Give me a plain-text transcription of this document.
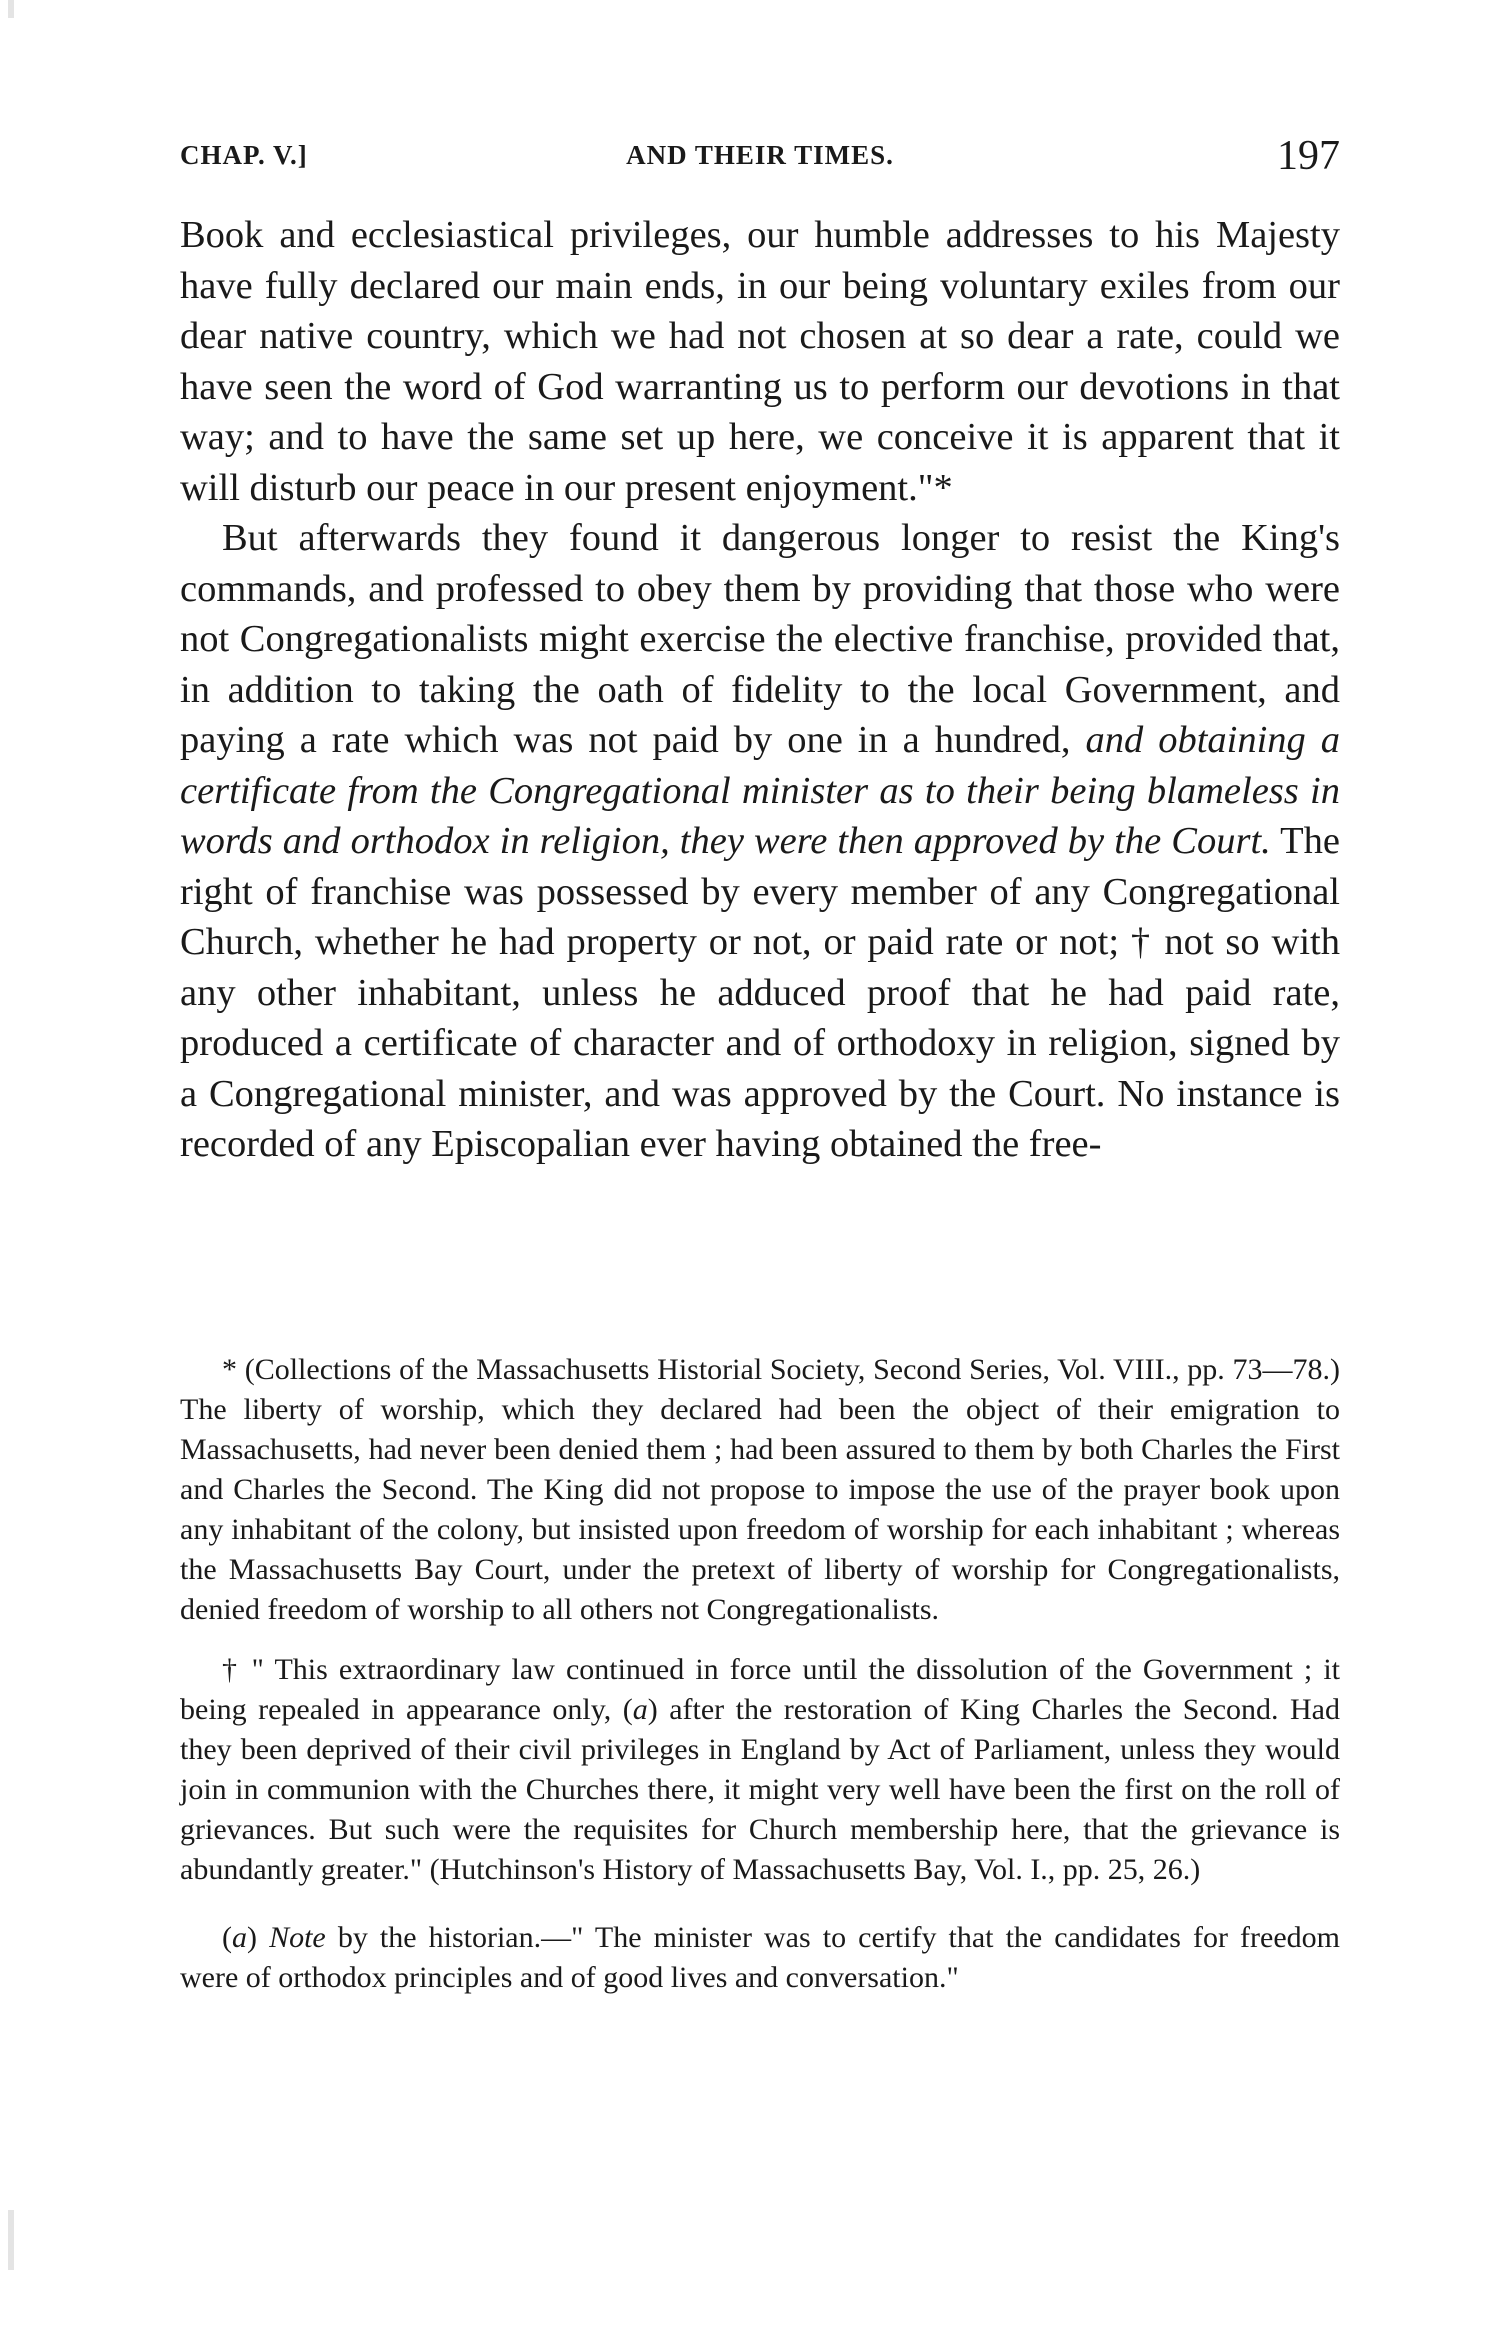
CHAP. V.]	AND THEIR TIMES.	197

Book and ecclesiastical privileges, our humble addresses to his Majesty have fully declared our main ends, in our being voluntary exiles from our dear native country, which we had not chosen at so dear a rate, could we have seen the word of God warranting us to perform our devotions in that way; and to have the same set up here, we conceive it is apparent that it will disturb our peace in our present enjoyment."*

But afterwards they found it dangerous longer to resist the King's commands, and professed to obey them by providing that those who were not Congregationalists might exercise the elective franchise, provided that, in addition to taking the oath of fidelity to the local Government, and paying a rate which was not paid by one in a hundred, and obtaining a certificate from the Congregational minister as to their being blameless in words and orthodox in religion, they were then approved by the Court. The right of franchise was possessed by every member of any Congregational Church, whether he had property or not, or paid rate or not; † not so with any other inhabitant, unless he adduced proof that he had paid rate, produced a certificate of character and of orthodoxy in religion, signed by a Congregational minister, and was approved by the Court. No instance is recorded of any Episcopalian ever having obtained the free-

* (Collections of the Massachusetts Historial Society, Second Series, Vol. VIII., pp. 73—78.) The liberty of worship, which they declared had been the object of their emigration to Massachusetts, had never been denied them ; had been assured to them by both Charles the First and Charles the Second. The King did not propose to impose the use of the prayer book upon any inhabitant of the colony, but insisted upon freedom of worship for each inhabitant ; whereas the Massachusetts Bay Court, under the pretext of liberty of worship for Congregationalists, denied freedom of worship to all others not Congregationalists.

† " This extraordinary law continued in force until the dissolution of the Government ; it being repealed in appearance only, (a) after the restoration of King Charles the Second. Had they been deprived of their civil privileges in England by Act of Parliament, unless they would join in communion with the Churches there, it might very well have been the first on the roll of grievances. But such were the requisites for Church membership here, that the grievance is abundantly greater." (Hutchinson's History of Massachusetts Bay, Vol. I., pp. 25, 26.)

(a) Note by the historian.—" The minister was to certify that the candidates for freedom were of orthodox principles and of good lives and conversation."
